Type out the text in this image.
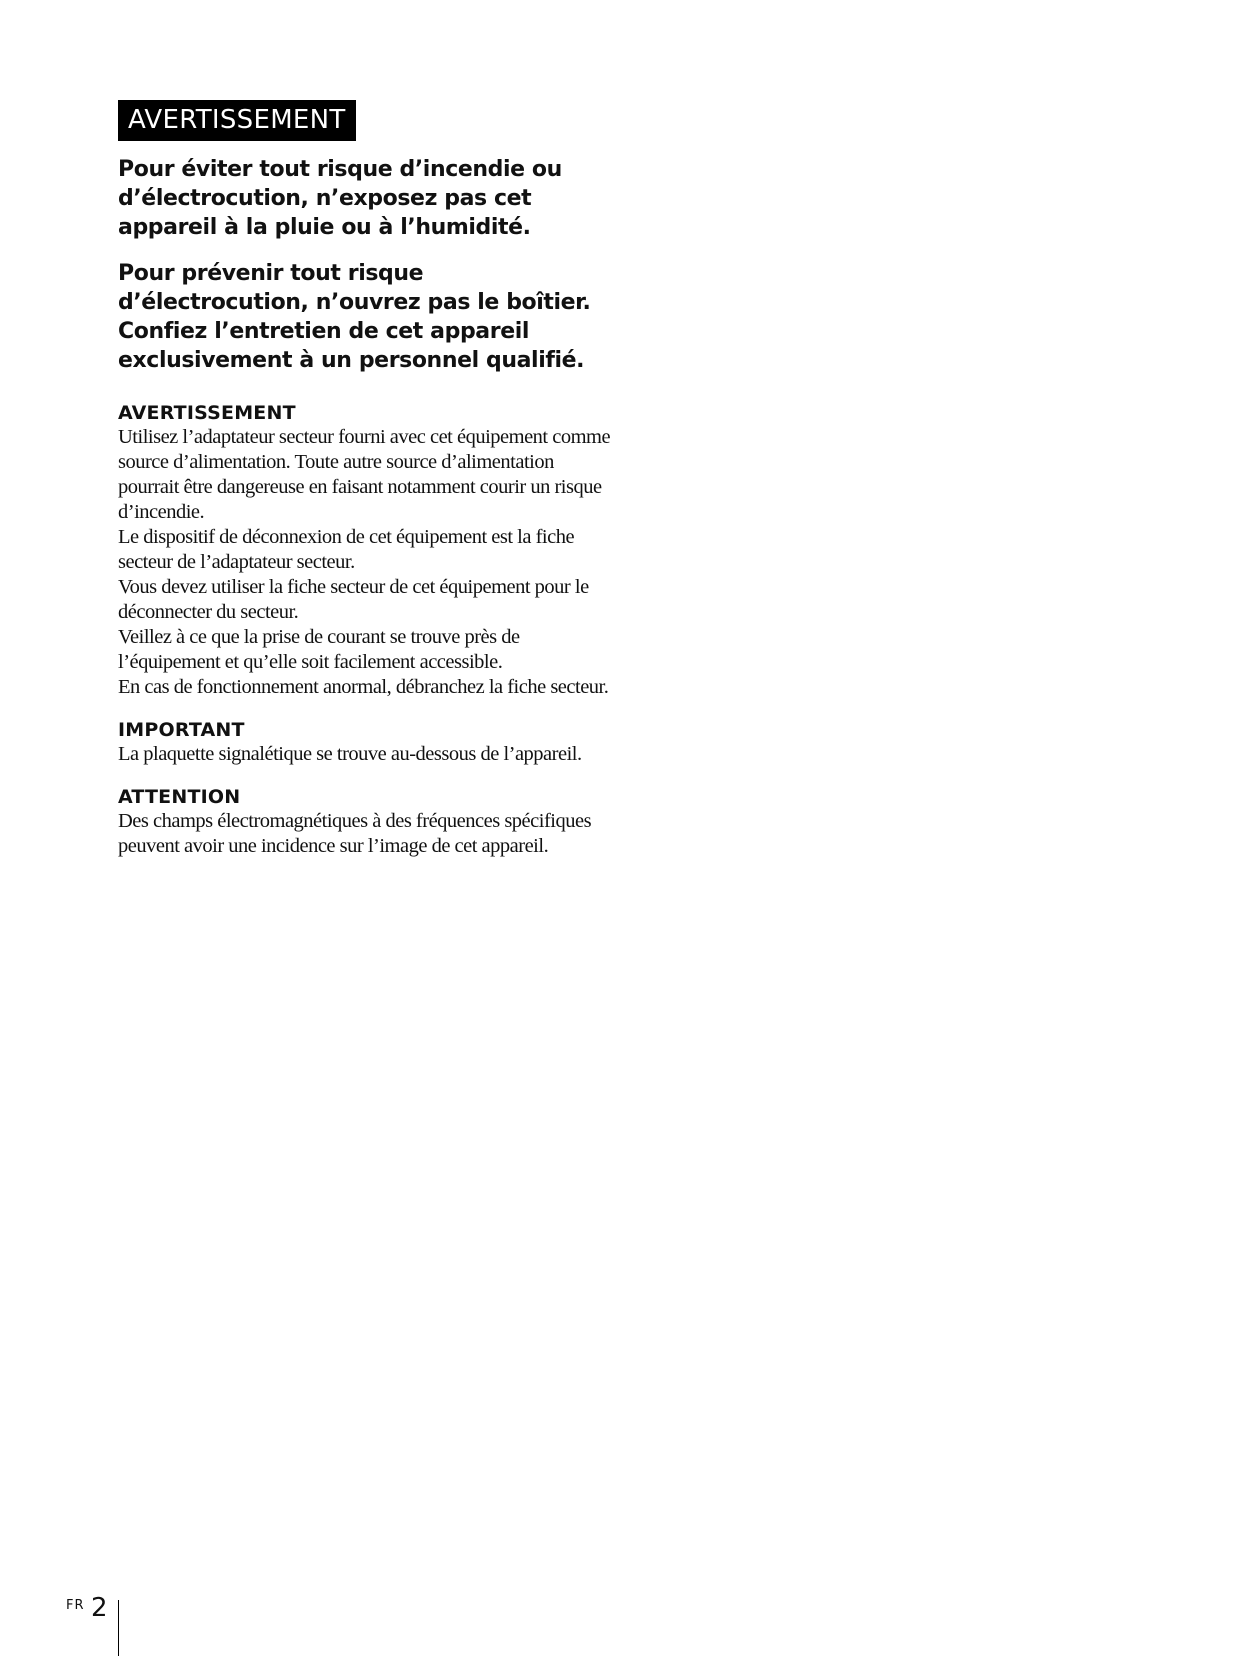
AVERTISSEMENT

Pour éviter tout risque d’incendie ou d’électrocution, n’exposez pas cet appareil à la pluie ou à l’humidité.

Pour prévenir tout risque d’électrocution, n’ouvrez pas le boîtier. Confiez l’entretien de cet appareil exclusivement à un personnel qualifié.

AVERTISSEMENT

Utilisez l’adaptateur secteur fourni avec cet équipement comme source d’alimentation. Toute autre source d’alimentation pourrait être dangereuse en faisant notamment courir un risque d’incendie.

Le dispositif de déconnexion de cet équipement est la fiche secteur de l’adaptateur secteur.

Vous devez utiliser la fiche secteur de cet équipement pour le déconnecter du secteur.

Veillez à ce que la prise de courant se trouve près de l’équipement et qu’elle soit facilement accessible.

En cas de fonctionnement anormal, débranchez la fiche secteur.

IMPORTANT

La plaquette signalétique se trouve au-dessous de l’appareil.

ATTENTION

Des champs électromagnétiques à des fréquences spécifiques peuvent avoir une incidence sur l’image de cet appareil.

FR 2
